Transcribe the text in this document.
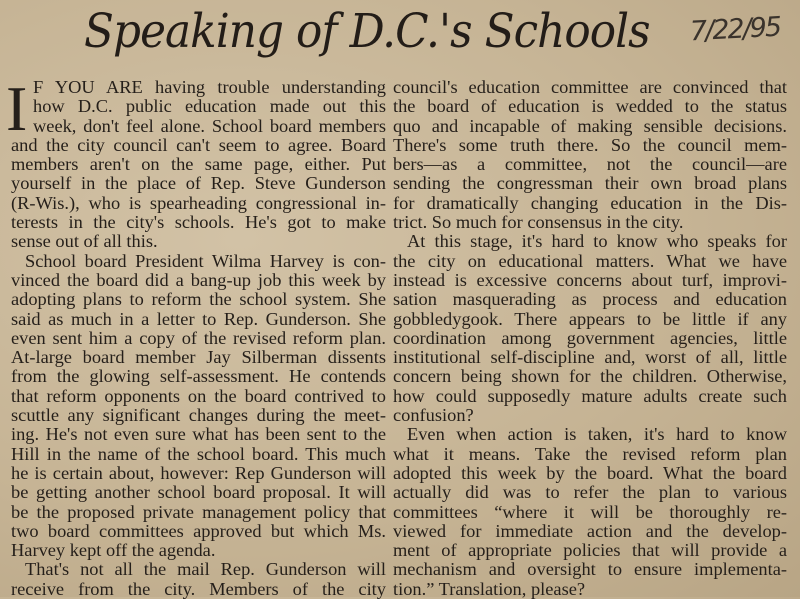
Speaking of D.C.'s Schools 7/22/95
I F YOU ARE having trouble understanding
how D.C. public education made out this
week, don't feel alone. School board members
and the city council can't seem to agree. Board
members aren't on the same page, either. Put
yourself in the place of Rep. Steve Gunderson
(R-Wis.), who is spearheading congressional in-
terests in the city's schools. He's got to make
sense out of all this.
School board President Wilma Harvey is con-
vinced the board did a bang-up job this week by
adopting plans to reform the school system. She
said as much in a letter to Rep. Gunderson. She
even sent him a copy of the revised reform plan.
At-large board member Jay Silberman dissents
from the glowing self-assessment. He contends
that reform opponents on the board contrived to
scuttle any significant changes during the meet-
ing. He's not even sure what has been sent to the
Hill in the name of the school board. This much
he is certain about, however: Rep Gunderson will
be getting another school board proposal. It will
be the proposed private management policy that
two board committees approved but which Ms.
Harvey kept off the agenda.
That's not all the mail Rep. Gunderson will
receive from the city. Members of the city
council's education committee are convinced that
the board of education is wedded to the status
quo and incapable of making sensible decisions.
There's some truth there. So the council mem-
bers—as a committee, not the council—are
sending the congressman their own broad plans
for dramatically changing education in the Dis-
trict. So much for consensus in the city.
At this stage, it's hard to know who speaks for
the city on educational matters. What we have
instead is excessive concerns about turf, improvi-
sation masquerading as process and education
gobbledygook. There appears to be little if any
coordination among government agencies, little
institutional self-discipline and, worst of all, little
concern being shown for the children. Otherwise,
how could supposedly mature adults create such
confusion?
Even when action is taken, it's hard to know
what it means. Take the revised reform plan
adopted this week by the board. What the board
actually did was to refer the plan to various
committees “where it will be thoroughly re-
viewed for immediate action and the develop-
ment of appropriate policies that will provide a
mechanism and oversight to ensure implementa-
tion.” Translation, please?
